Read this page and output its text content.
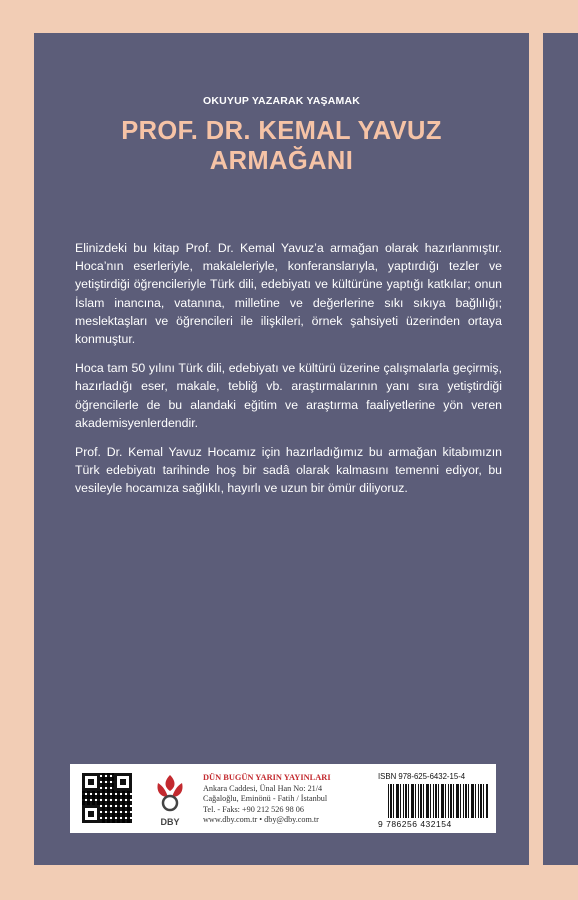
OKUYUP YAZARAK YAŞAMAK
PROF. DR. KEMAL YAVUZ
ARMAĞANI

Elinizdeki bu kitap Prof. Dr. Kemal Yavuz’a armağan olarak hazırlanmıştır. Hoca’nın eserleriyle, makaleleriyle, konferanslarıyla, yaptırdığı tezler ve yetiştirdiği öğrencileriyle Türk dili, edebiyatı ve kültürüne yaptığı katkılar; onun İslam inancına, vatanına, milletine ve değerlerine sıkı sıkıya bağlılığı; meslektaşları ve öğrencileri ile ilişkileri, örnek şahsiyeti üzerinden ortaya konmuştur.

Hoca tam 50 yılını Türk dili, edebiyatı ve kültürü üzerine çalışmalarla geçirmiş, hazırladığı eser, makale, tebliğ vb. araştırmalarının yanı sıra yetiştirdiği öğrencilerle de bu alandaki eğitim ve araştırma faaliyetlerine yön veren akademisyenlerdendir.

Prof. Dr. Kemal Yavuz Hocamız için hazırladığımız bu armağan kitabımızın Türk edebiyatı tarihinde hoş bir sadâ olarak kalmasını temenni ediyor, bu vesileyle hocamıza sağlıklı, hayırlı ve uzun bir ömür diliyoruz.

DBY
DÜN BUGÜN YARIN YAYINLARI
Ankara Caddesi, Ünal Han No: 21/4
Cağaloğlu, Eminönü - Fatih / İstanbul
Tel. - Faks: +90 212 526 98 06
www.dby.com.tr • dby@dby.com.tr
ISBN 978-625-6432-15-4
9 786256 432154
